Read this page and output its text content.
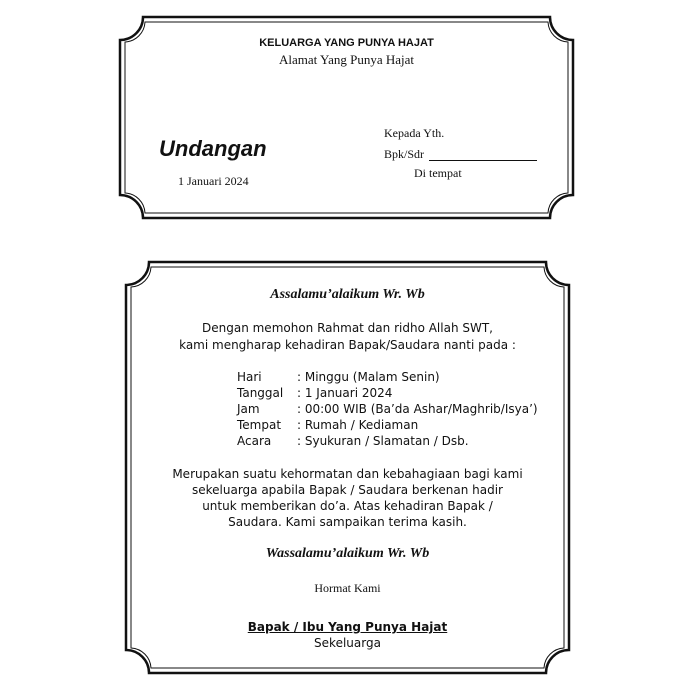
KELUARGA YANG PUNYA HAJAT
Alamat Yang Punya Hajat
Undangan
1 Januari 2024
Kepada Yth.
Bpk/Sdr
Di tempat
Assalamu’alaikum Wr. Wb
Dengan memohon Rahmat dan ridho Allah SWT,
kami mengharap kehadiran Bapak/Saudara nanti pada :
Hari	: Minggu (Malam Senin)
Tanggal : 1 Januari 2024
Jam	: 00:00 WIB (Ba’da Ashar/Maghrib/Isya’)
Tempat : Rumah / Kediaman
Acara : Syukuran / Slamatan / Dsb.
Merupakan suatu kehormatan dan kebahagiaan bagi kami
sekeluarga apabila Bapak / Saudara berkenan hadir
untuk memberikan do’a. Atas kehadiran Bapak /
Saudara. Kami sampaikan terima kasih.
Wassalamu’alaikum Wr. Wb
Hormat Kami
Bapak / Ibu Yang Punya Hajat
Sekeluarga
